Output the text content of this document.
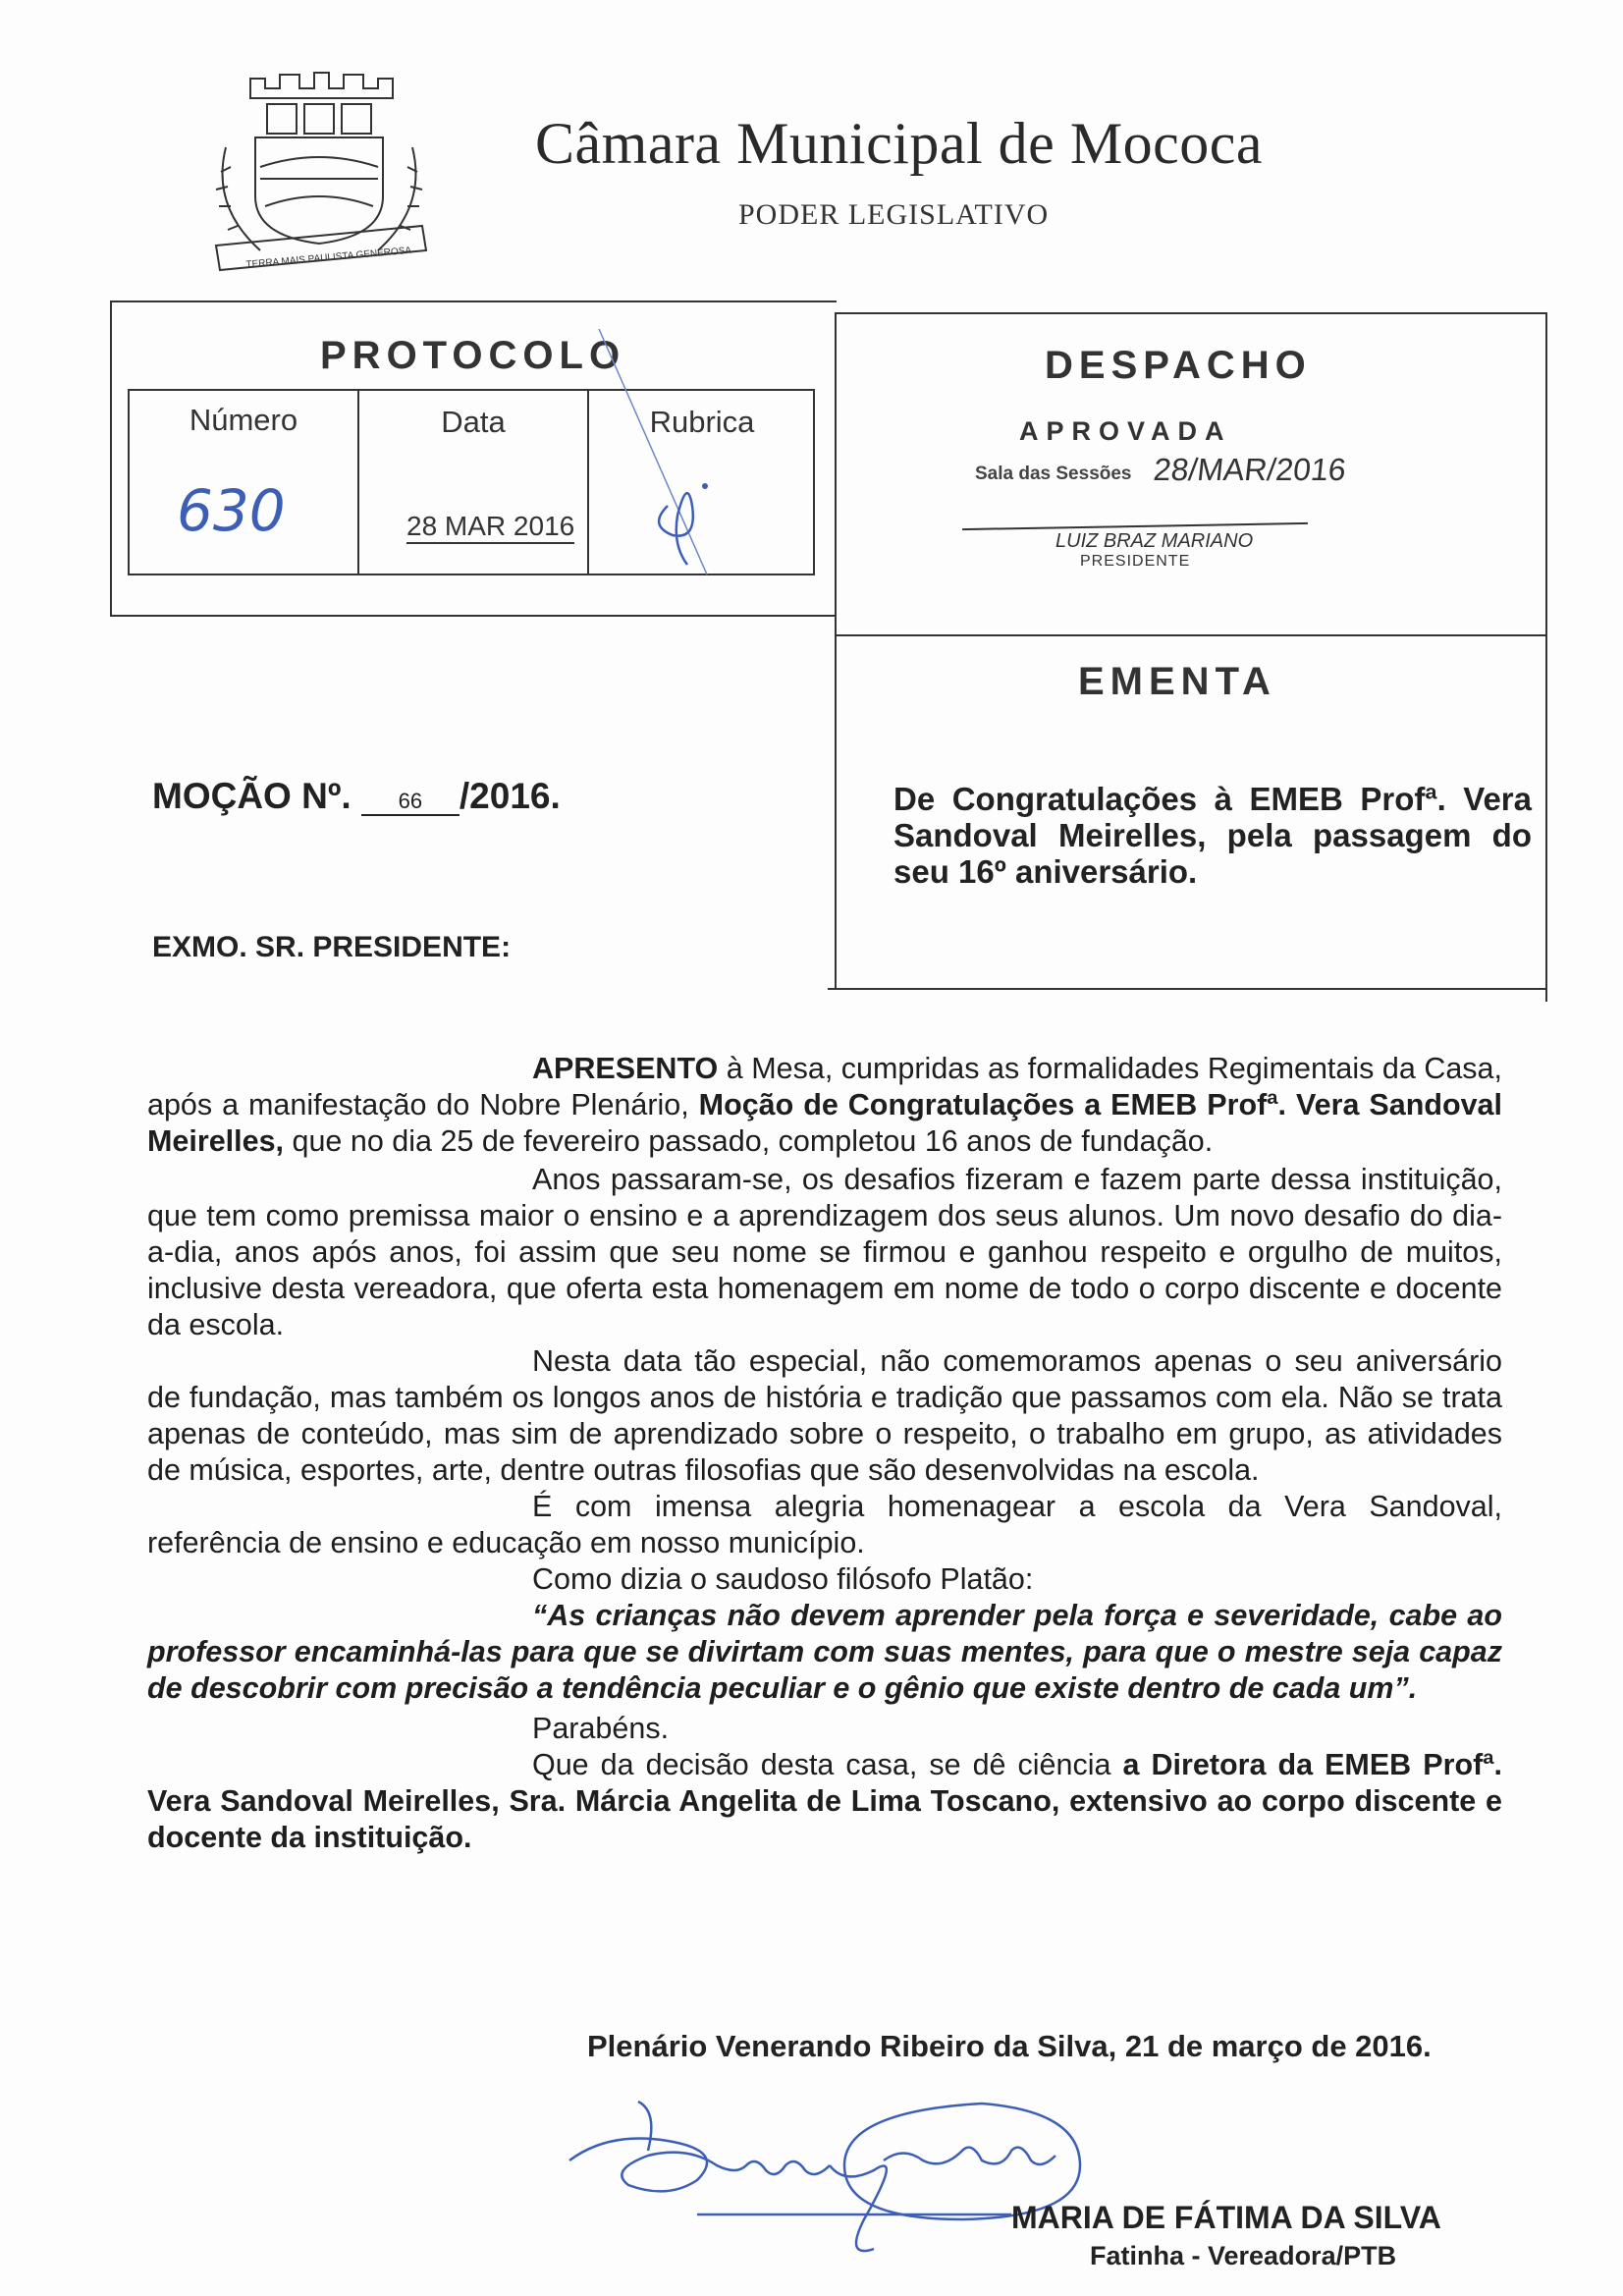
TERRA MAIS PAULISTA GENEROSA
Câmara Municipal de Mococa
PODER LEGISLATIVO
PROTOCOLO
Número	Data	Rubrica
630	28 MAR 2016
DESPACHO
APROVADA
Sala das Sessões 28/MAR/2016
LUIZ BRAZ MARIANO
PRESIDENTE
EMENTA
De Congratulações à EMEB Profª. Vera Sandoval Meirelles, pela passagem do seu 16º aniversário.
MOÇÃO Nº. 66 /2016.
EXMO. SR. PRESIDENTE:

APRESENTO à Mesa, cumpridas as formalidades Regimentais da Casa, após a manifestação do Nobre Plenário, Moção de Congratulações a EMEB Profª. Vera Sandoval Meirelles, que no dia 25 de fevereiro passado, completou 16 anos de fundação.

Anos passaram-se, os desafios fizeram e fazem parte dessa instituição, que tem como premissa maior o ensino e a aprendizagem dos seus alunos. Um novo desafio do dia-a-dia, anos após anos, foi assim que seu nome se firmou e ganhou respeito e orgulho de muitos, inclusive desta vereadora, que oferta esta homenagem em nome de todo o corpo discente e docente da escola.

Nesta data tão especial, não comemoramos apenas o seu aniversário de fundação, mas também os longos anos de história e tradição que passamos com ela. Não se trata apenas de conteúdo, mas sim de aprendizado sobre o respeito, o trabalho em grupo, as atividades de música, esportes, arte, dentre outras filosofias que são desenvolvidas na escola.

É com imensa alegria homenagear a escola da Vera Sandoval, referência de ensino e educação em nosso município.

Como dizia o saudoso filósofo Platão:

“As crianças não devem aprender pela força e severidade, cabe ao professor encaminhá-las para que se divirtam com suas mentes, para que o mestre seja capaz de descobrir com precisão a tendência peculiar e o gênio que existe dentro de cada um”.

Parabéns.

Que da decisão desta casa, se dê ciência a Diretora da EMEB Profª. Vera Sandoval Meirelles, Sra. Márcia Angelita de Lima Toscano, extensivo ao corpo discente e docente da instituição.

Plenário Venerando Ribeiro da Silva, 21 de março de 2016.
MARIA DE FÁTIMA DA SILVA
Fatinha - Vereadora/PTB
